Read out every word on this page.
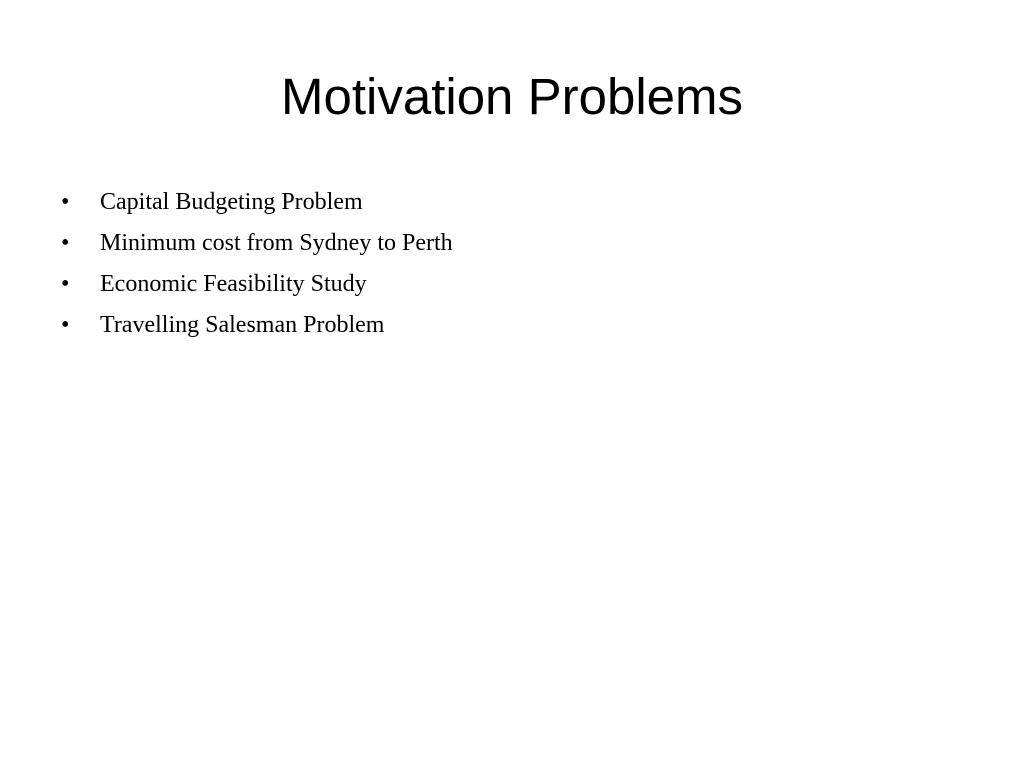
Motivation Problems
•	Capital Budgeting Problem
•	Minimum cost from Sydney to Perth
•	Economic Feasibility Study
•	Travelling Salesman Problem
